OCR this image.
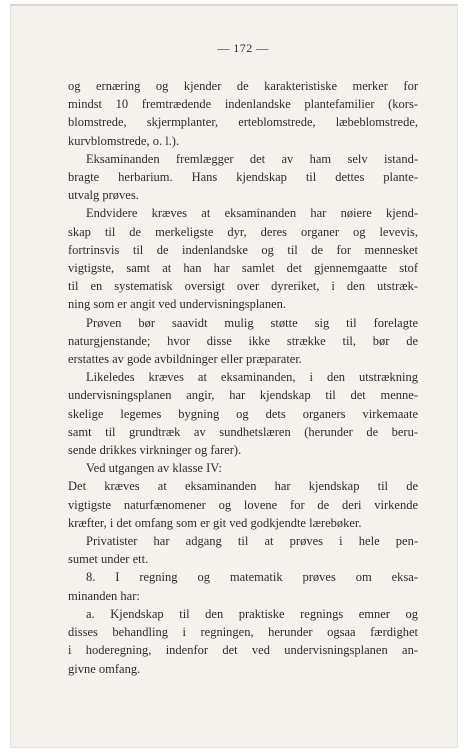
— 172 —
og ernæring og kjender de karakteristiske merker for
mindst 10 fremtrædende indenlandske plantefamilier (kors-
blomstrede, skjermplanter, erteblomstrede, læbeblomstrede,
kurvblomstrede, o. l.).
Eksaminanden fremlægger det av ham selv istand-
bragte herbarium. Hans kjendskap til dettes plante-
utvalg prøves.
Endvidere kræves at eksaminanden har nøiere kjend-
skap til de merkeligste dyr, deres organer og levevis,
fortrinsvis til de indenlandske og til de for mennesket
vigtigste, samt at han har samlet det gjennemgaatte stof
til en systematisk oversigt over dyreriket, i den utstræk-
ning som er angit ved undervisningsplanen.
Prøven bør saavidt mulig støtte sig til forelagte
naturgjenstande; hvor disse ikke strække til, bør de
erstattes av gode avbildninger eller præparater.
Likeledes kræves at eksaminanden, i den utstrækning
undervisningsplanen angir, har kjendskap til det menne-
skelige legemes bygning og dets organers virkemaate
samt til grundtræk av sundhetslæren (herunder de beru-
sende drikkes virkninger og farer).
Ved utgangen av klasse IV:
Det kræves at eksaminanden har kjendskap til de
vigtigste naturfænomener og lovene for de deri virkende
kræfter, i det omfang som er git ved godkjendte lærebøker.
Privatister har adgang til at prøves i hele pen-
sumet under ett.
8. I regning og matematik prøves om eksa-
minanden har:
a. Kjendskap til den praktiske regnings emner og
disses behandling i regningen, herunder ogsaa færdighet
i hoderegning, indenfor det ved undervisningsplanen an-
givne omfang.
